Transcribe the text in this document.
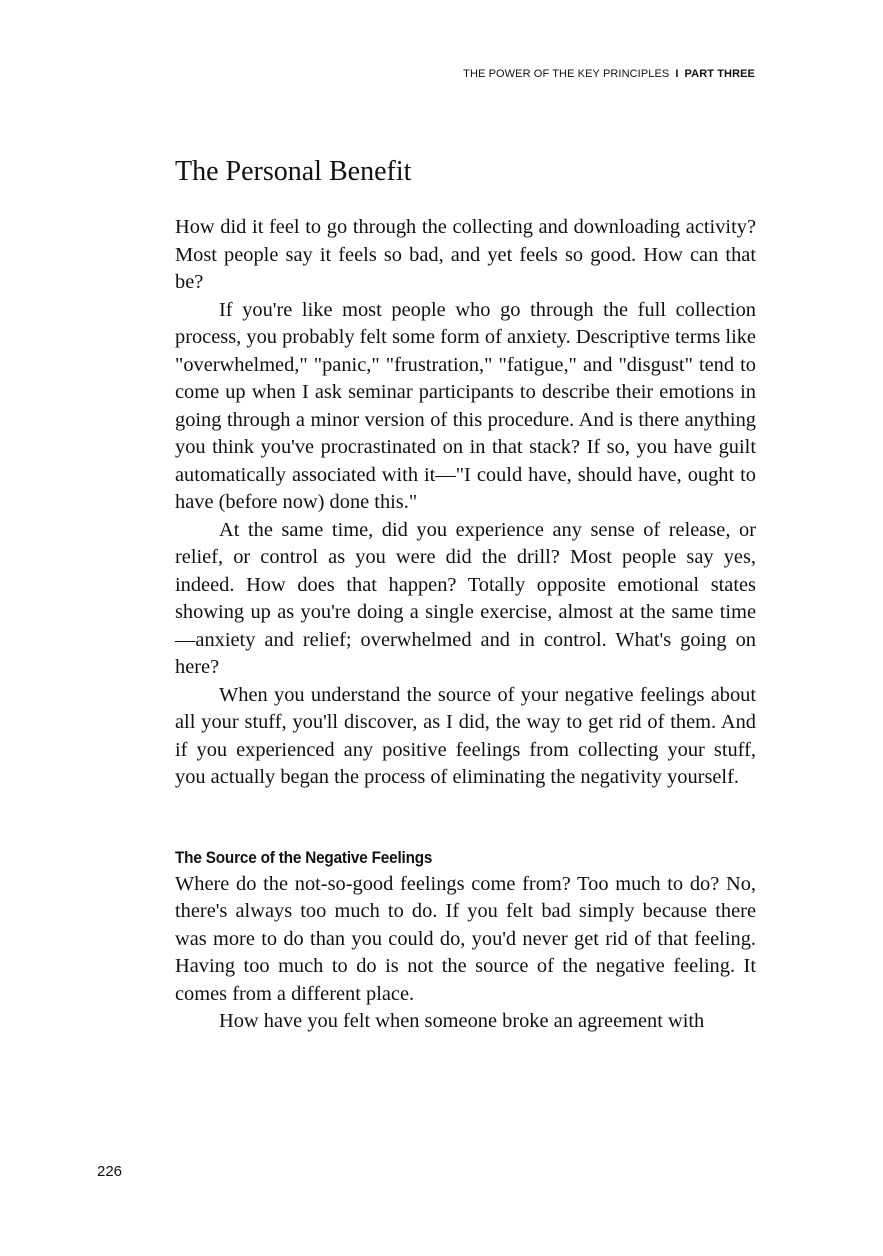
THE POWER OF THE KEY PRINCIPLES I PART THREE
The Personal Benefit

How did it feel to go through the collecting and downloading activity? Most people say it feels so bad, and yet feels so good. How can that be?

If you're like most people who go through the full collection process, you probably felt some form of anxiety. Descriptive terms like "overwhelmed," "panic," "frustration," "fatigue," and "disgust" tend to come up when I ask seminar participants to describe their emotions in going through a minor version of this procedure. And is there anything you think you've procrastinated on in that stack? If so, you have guilt automatically associated with it—"I could have, should have, ought to have (before now) done this."

At the same time, did you experience any sense of release, or relief, or control as you were did the drill? Most people say yes, indeed. How does that happen? Totally opposite emotional states showing up as you're doing a single exercise, almost at the same time—anxiety and relief; overwhelmed and in control. What's going on here?

When you understand the source of your negative feelings about all your stuff, you'll discover, as I did, the way to get rid of them. And if you experienced any positive feelings from collecting your stuff, you actually began the process of eliminating the negativity yourself.

The Source of the Negative Feelings

Where do the not-so-good feelings come from? Too much to do? No, there's always too much to do. If you felt bad simply because there was more to do than you could do, you'd never get rid of that feeling. Having too much to do is not the source of the negative feeling. It comes from a different place.

How have you felt when someone broke an agreement with

226
